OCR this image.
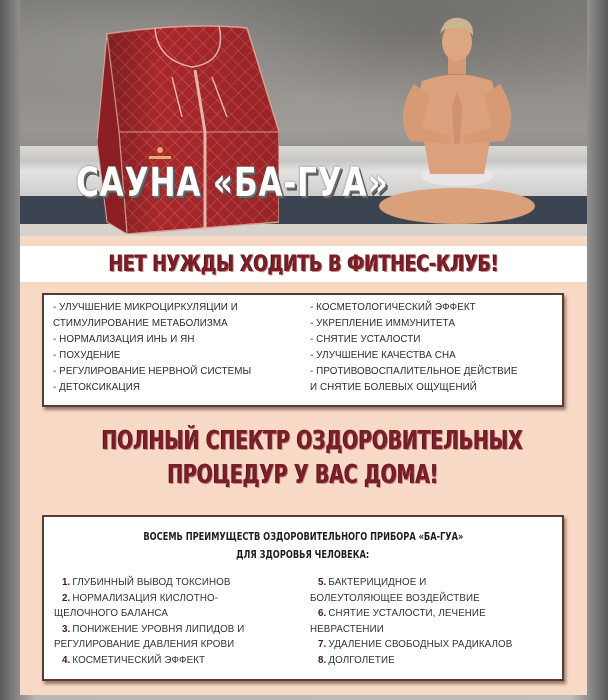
САУНА «БА-ГУА»
НЕТ НУЖДЫ ХОДИТЬ В ФИТНЕС-КЛУБ!

- УЛУЧШЕНИЕ МИКРОЦИРКУЛЯЦИИ И

СТИМУЛИРОВАНИЕ МЕТАБОЛИЗМА

- НОРМАЛИЗАЦИЯ ИНЬ И ЯН

- ПОХУДЕНИЕ

- РЕГУЛИРОВАНИЕ НЕРВНОЙ СИСТЕМЫ

- ДЕТОКСИКАЦИЯ

- КОСМЕТОЛОГИЧЕСКИЙ ЭФФЕКТ

- УКРЕПЛЕНИЕ ИММУНИТЕТА

- СНЯТИЕ УСТАЛОСТИ

- УЛУЧШЕНИЕ КАЧЕСТВА СНА

- ПРОТИВОВОСПАЛИТЕЛЬНОЕ ДЕЙСТВИЕ

И СНЯТИЕ БОЛЕВЫХ ОЩУЩЕНИЙ

ПОЛНЫЙ СПЕКТР ОЗДОРОВИТЕЛЬНЫХ
ПРОЦЕДУР У ВАС ДОМА!
ВОСЕМЬ ПРЕИМУЩЕСТВ ОЗДОРОВИТЕЛЬНОГО ПРИБОРА «БА-ГУА»
ДЛЯ ЗДОРОВЬЯ ЧЕЛОВЕКА:

1. ГЛУБИННЫЙ ВЫВОД ТОКСИНОВ

2. НОРМАЛИЗАЦИЯ КИСЛОТНО-

ЩЕЛОЧНОГО БАЛАНСА

3. ПОНИЖЕНИЕ УРОВНЯ ЛИПИДОВ И

РЕГУЛИРОВАНИЕ ДАВЛЕНИЯ КРОВИ

4. КОСМЕТИЧЕСКИЙ ЭФФЕКТ

5. БАКТЕРИЦИДНОЕ И

БОЛЕУТОЛЯЮЩЕЕ ВОЗДЕЙСТВИЕ

6. СНЯТИЕ УСТАЛОСТИ, ЛЕЧЕНИЕ

НЕВРАСТЕНИИ

7. УДАЛЕНИЕ СВОБОДНЫХ РАДИКАЛОВ

8. ДОЛГОЛЕТИЕ
